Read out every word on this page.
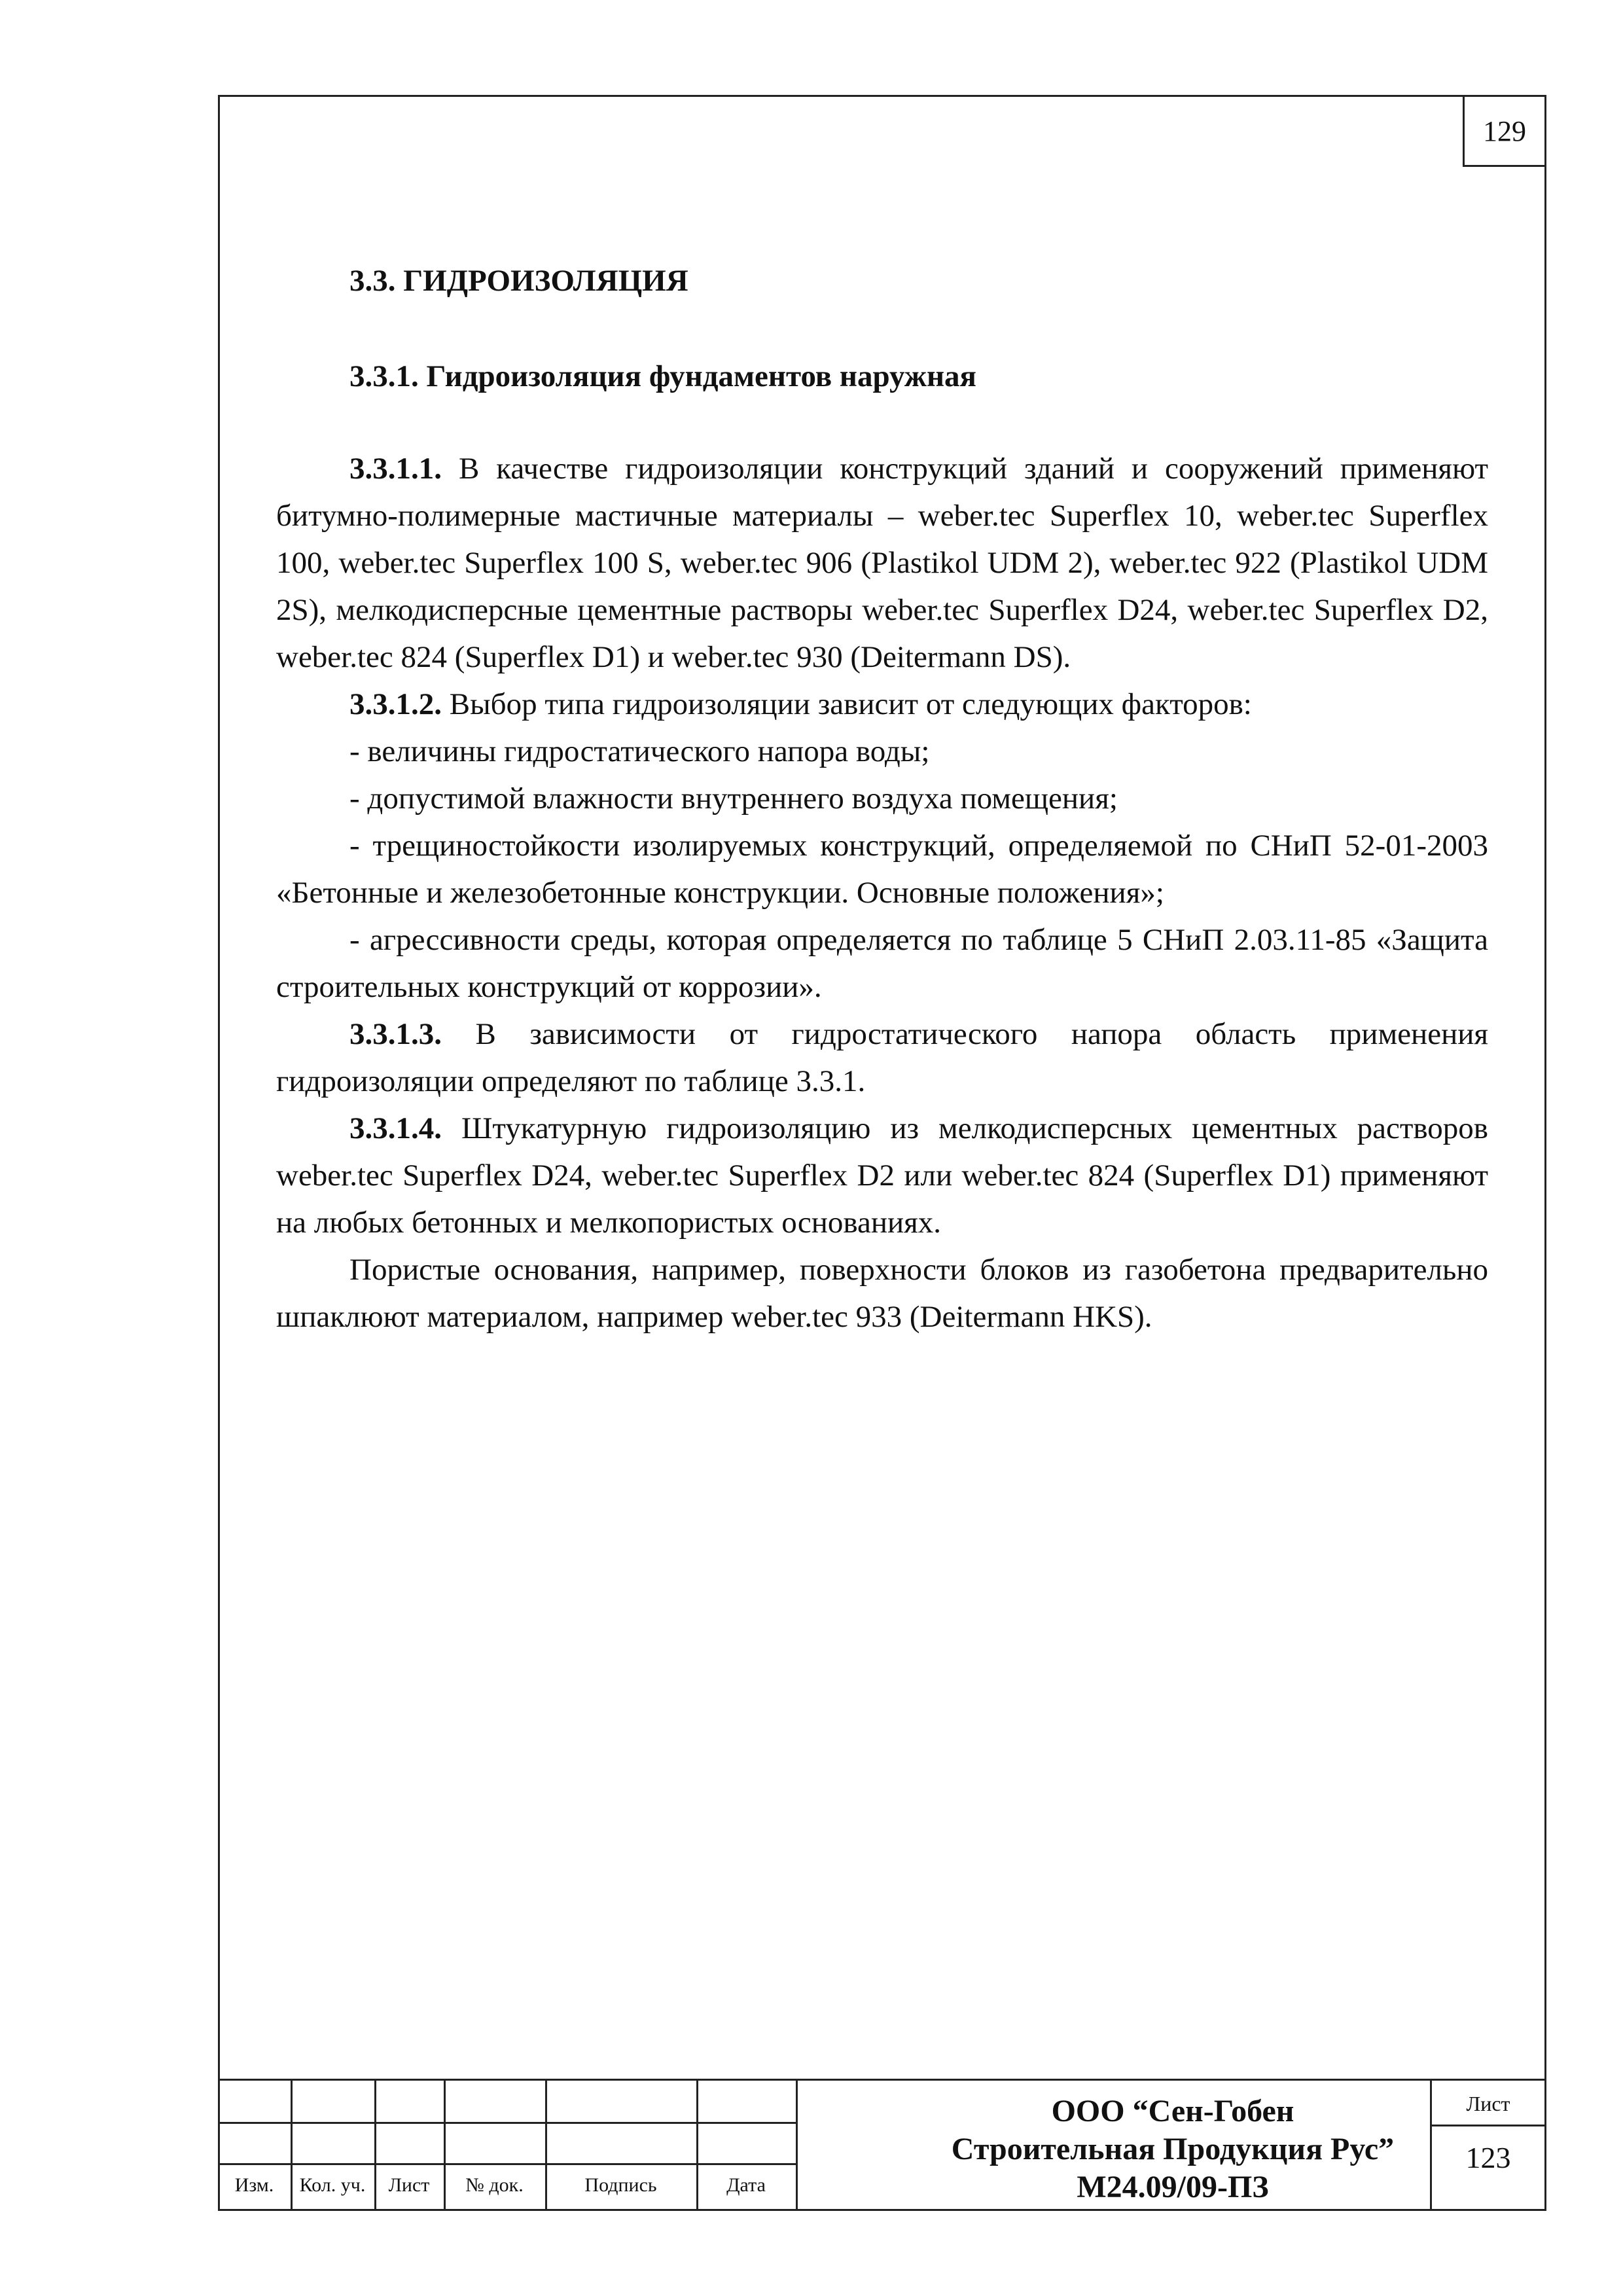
129
3.3. ГИДРОИЗОЛЯЦИЯ
3.3.1. Гидроизоляция фундаментов наружная

3.3.1.1. В качестве гидроизоляции конструкций зданий и сооружений применяют битумно-полимерные мастичные материалы – weber.tec Superflex 10, weber.tec Superflex 100, weber.tec Superflex 100 S, weber.tec 906 (Plastikol UDM 2), weber.tec 922 (Plastikol UDM 2S), мелкодисперсные цементные растворы weber.tec Superflex D24, weber.tec Superflex D2, weber.tec 824 (Superflex D1) и weber.tec 930 (Deitermann DS).

3.3.1.2. Выбор типа гидроизоляции зависит от следующих факторов:

- величины гидростатического напора воды;

- допустимой влажности внутреннего воздуха помещения;

- трещиностойкости изолируемых конструкций, определяемой по СНиП 52-01-2003 «Бетонные и железобетонные конструкции. Основные положения»;

- агрессивности среды, которая определяется по таблице 5 СНиП 2.03.11-85 «Защита строительных конструкций от коррозии».

3.3.1.3. В зависимости от гидростатического напора область применения гидроизоляции определяют по таблице 3.3.1.

3.3.1.4. Штукатурную гидроизоляцию из мелкодисперсных цементных растворов weber.tec Superflex D24, weber.tec Superflex D2 или weber.tec 824 (Superflex D1) применяют на любых бетонных и мелкопористых основаниях.

Пористые основания, например, поверхности блоков из газобетона предварительно шпаклюют материалом, например weber.tec 933 (Deitermann HKS).

Изм.	Кол. уч.	Лист	№ док.	Подпись	Дата
ООО “Сен-Гобен
Строительная Продукция Рус”
М24.09/09-ПЗ
Лист
123
